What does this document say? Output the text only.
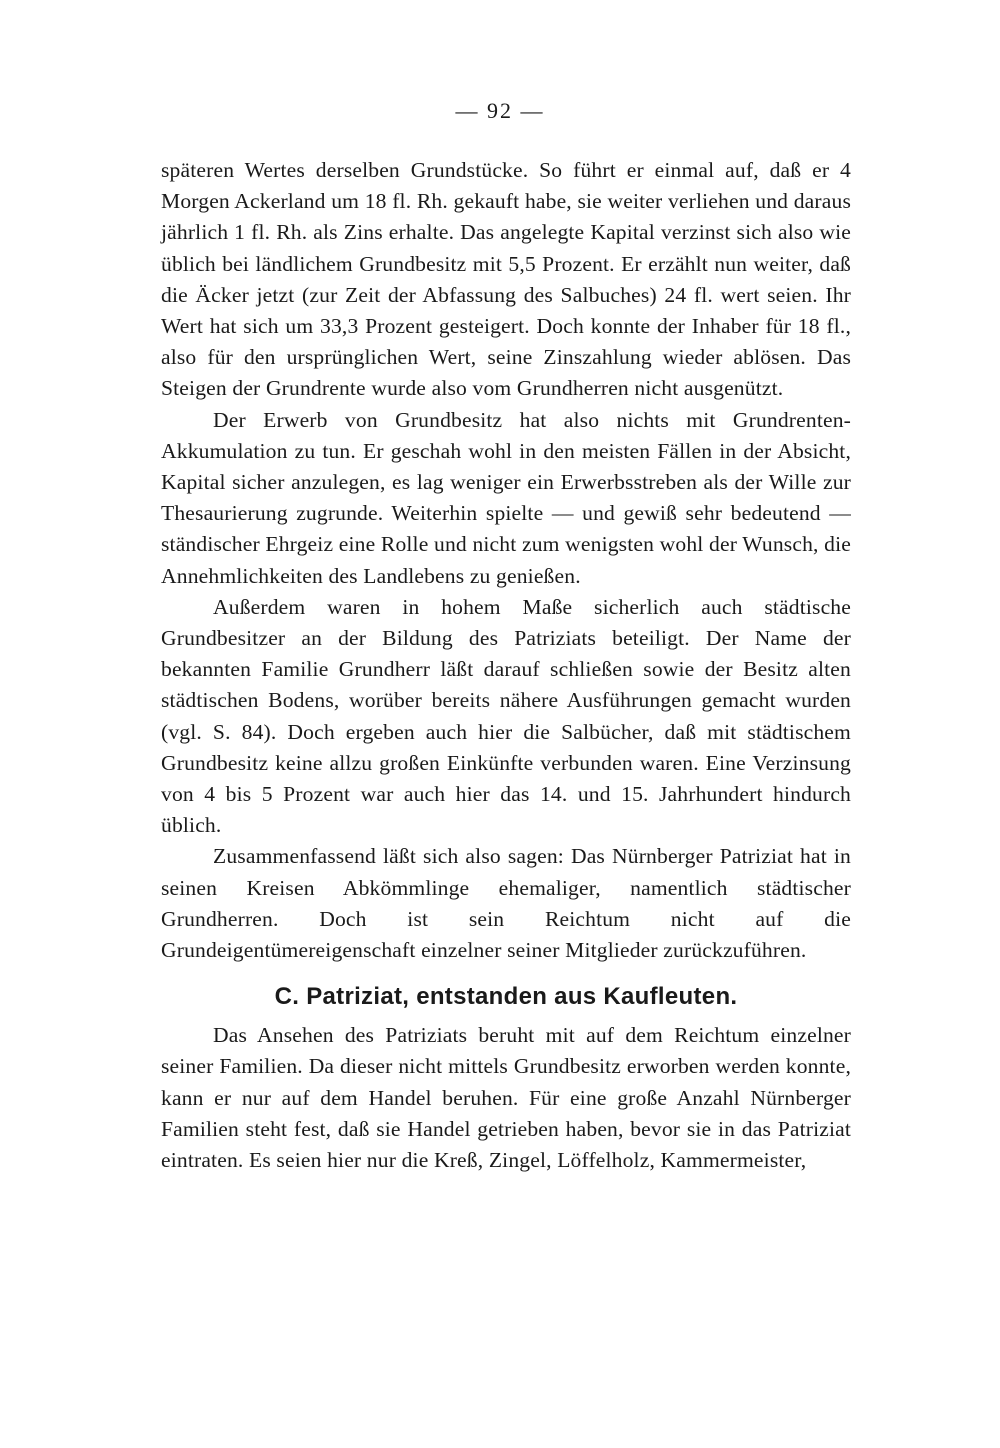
— 92 —

späteren Wertes derselben Grundstücke. So führt er einmal auf, daß er 4 Morgen Ackerland um 18 fl. Rh. gekauft habe, sie weiter verliehen und daraus jährlich 1 fl. Rh. als Zins erhalte. Das angelegte Kapital verzinst sich also wie üblich bei ländlichem Grundbesitz mit 5,5 Prozent. Er erzählt nun weiter, daß die Äcker jetzt (zur Zeit der Abfassung des Salbuches) 24 fl. wert seien. Ihr Wert hat sich um 33,3 Prozent gesteigert. Doch konnte der Inhaber für 18 fl., also für den ursprünglichen Wert, seine Zinszahlung wieder ablösen. Das Steigen der Grundrente wurde also vom Grundherren nicht ausgenützt.

Der Erwerb von Grundbesitz hat also nichts mit Grundrenten-Akkumulation zu tun. Er geschah wohl in den meisten Fällen in der Absicht, Kapital sicher anzulegen, es lag weniger ein Erwerbsstreben als der Wille zur Thesaurierung zugrunde. Weiterhin spielte — und gewiß sehr bedeutend — ständischer Ehrgeiz eine Rolle und nicht zum wenigsten wohl der Wunsch, die Annehmlichkeiten des Landlebens zu genießen.

Außerdem waren in hohem Maße sicherlich auch städtische Grundbesitzer an der Bildung des Patriziats beteiligt. Der Name der bekannten Familie Grundherr läßt darauf schließen sowie der Besitz alten städtischen Bodens, worüber bereits nähere Ausführungen gemacht wurden (vgl. S. 84). Doch ergeben auch hier die Salbücher, daß mit städtischem Grundbesitz keine allzu großen Einkünfte verbunden waren. Eine Verzinsung von 4 bis 5 Prozent war auch hier das 14. und 15. Jahrhundert hindurch üblich.

Zusammenfassend läßt sich also sagen: Das Nürnberger Patriziat hat in seinen Kreisen Abkömmlinge ehemaliger, namentlich städtischer Grundherren. Doch ist sein Reichtum nicht auf die Grundeigentümereigenschaft einzelner seiner Mitglieder zurückzuführen.

C. Patriziat, entstanden aus Kaufleuten.

Das Ansehen des Patriziats beruht mit auf dem Reichtum einzelner seiner Familien. Da dieser nicht mittels Grundbesitz erworben werden konnte, kann er nur auf dem Handel beruhen. Für eine große Anzahl Nürnberger Familien steht fest, daß sie Handel getrieben haben, bevor sie in das Patriziat eintraten. Es seien hier nur die Kreß, Zingel, Löffelholz, Kammermeister,
